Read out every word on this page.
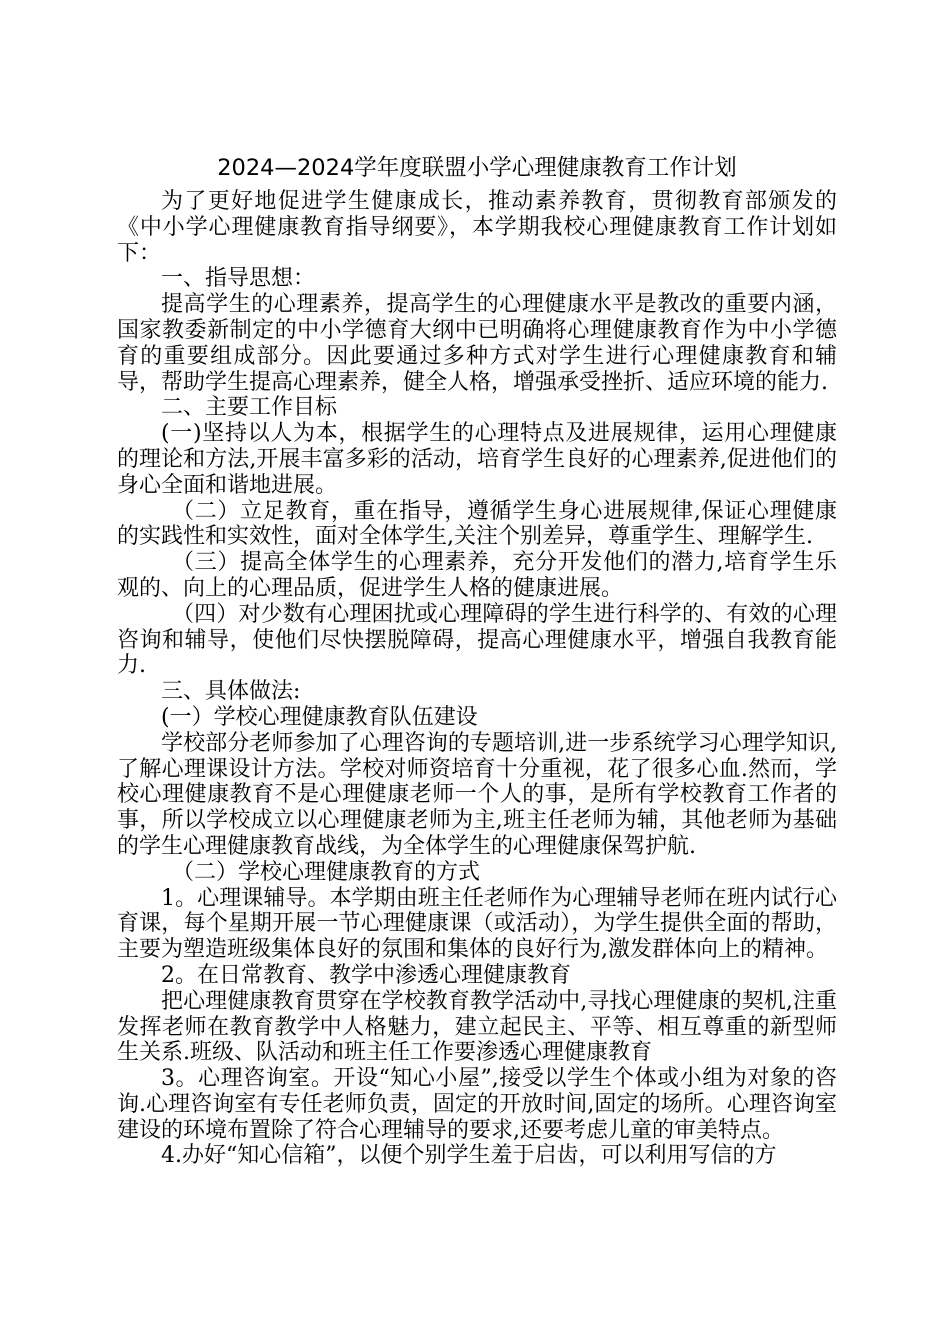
2024—2024学年度联盟小学心理健康教育工作计划

为了更好地促进学生健康成长，推动素养教育，贯彻教育部颁发的《中小学心理健康教育指导纲要》，本学期我校心理健康教育工作计划如下：

一、指导思想：

提高学生的心理素养，提高学生的心理健康水平是教改的重要内涵，国家教委新制定的中小学德育大纲中已明确将心理健康教育作为中小学德育的重要组成部分。因此要通过多种方式对学生进行心理健康教育和辅导，帮助学生提高心理素养，健全人格，增强承受挫折、适应环境的能力.

二、主要工作目标

(一)坚持以人为本，根据学生的心理特点及进展规律，运用心理健康的理论和方法,开展丰富多彩的活动，培育学生良好的心理素养,促进他们的身心全面和谐地进展。

（二）立足教育，重在指导，遵循学生身心进展规律,保证心理健康的实践性和实效性，面对全体学生,关注个别差异，尊重学生、理解学生.

（三）提高全体学生的心理素养，充分开发他们的潜力,培育学生乐观的、向上的心理品质，促进学生人格的健康进展。

（四）对少数有心理困扰或心理障碍的学生进行科学的、有效的心理咨询和辅导，使他们尽快摆脱障碍，提高心理健康水平，增强自我教育能力.

三、具体做法:

(一）学校心理健康教育队伍建设

学校部分老师参加了心理咨询的专题培训,进一步系统学习心理学知识,了解心理课设计方法。学校对师资培育十分重视，花了很多心血.然而，学校心理健康教育不是心理健康老师一个人的事，是所有学校教育工作者的事，所以学校成立以心理健康老师为主,班主任老师为辅，其他老师为基础的学生心理健康教育战线，为全体学生的心理健康保驾护航.

（二）学校心理健康教育的方式

1。心理课辅导。本学期由班主任老师作为心理辅导老师在班内试行心育课，每个星期开展一节心理健康课（或活动），为学生提供全面的帮助，主要为塑造班级集体良好的氛围和集体的良好行为,激发群体向上的精神。

2。在日常教育、教学中渗透心理健康教育

把心理健康教育贯穿在学校教育教学活动中,寻找心理健康的契机,注重发挥老师在教育教学中人格魅力，建立起民主、平等、相互尊重的新型师生关系.班级、队活动和班主任工作要渗透心理健康教育

3。心理咨询室。开设“知心小屋”,接受以学生个体或小组为对象的咨询.心理咨询室有专任老师负责，固定的开放时间,固定的场所。心理咨询室建设的环境布置除了符合心理辅导的要求,还要考虑儿童的审美特点。

4.办好“知心信箱”，以便个别学生羞于启齿，可以利用写信的方
